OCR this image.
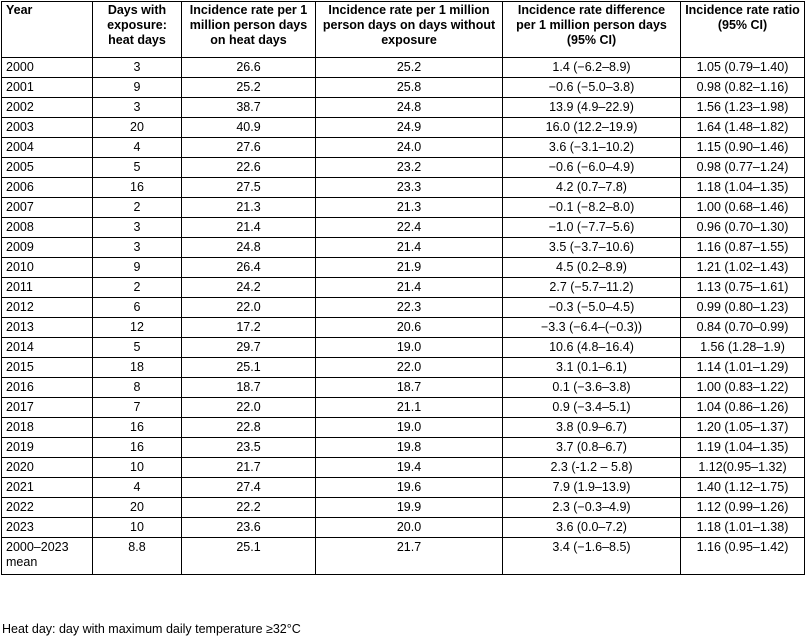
Year	Days with exposure: heat days	Incidence rate per 1 million person days on heat days	Incidence rate per 1 million person days on days without exposure	Incidence rate difference per 1 million person days (95% CI)	Incidence rate ratio (95% CI)
2000	3	26.6	25.2	1.4 (−6.2–8.9)	1.05 (0.79–1.40)
2001	9	25.2	25.8	−0.6 (−5.0–3.8)	0.98 (0.82–1.16)
2002	3	38.7	24.8	13.9 (4.9–22.9)	1.56 (1.23–1.98)
2003	20	40.9	24.9	16.0 (12.2–19.9)	1.64 (1.48–1.82)
2004	4	27.6	24.0	3.6 (−3.1–10.2)	1.15 (0.90–1.46)
2005	5	22.6	23.2	−0.6 (−6.0–4.9)	0.98 (0.77–1.24)
2006	16	27.5	23.3	4.2 (0.7–7.8)	1.18 (1.04–1.35)
2007	2	21.3	21.3	−0.1 (−8.2–8.0)	1.00 (0.68–1.46)
2008	3	21.4	22.4	−1.0 (−7.7–5.6)	0.96 (0.70–1.30)
2009	3	24.8	21.4	3.5 (−3.7–10.6)	1.16 (0.87–1.55)
2010	9	26.4	21.9	4.5 (0.2–8.9)	1.21 (1.02–1.43)
2011	2	24.2	21.4	2.7 (−5.7–11.2)	1.13 (0.75–1.61)
2012	6	22.0	22.3	−0.3 (−5.0–4.5)	0.99 (0.80–1.23)
2013	12	17.2	20.6	−3.3 (−6.4–(−0.3))	0.84 (0.70–0.99)
2014	5	29.7	19.0	10.6 (4.8–16.4)	1.56 (1.28–1.9)
2015	18	25.1	22.0	3.1 (0.1–6.1)	1.14 (1.01–1.29)
2016	8	18.7	18.7	0.1 (−3.6–3.8)	1.00 (0.83–1.22)
2017	7	22.0	21.1	0.9 (−3.4–5.1)	1.04 (0.86–1.26)
2018	16	22.8	19.0	3.8 (0.9–6.7)	1.20 (1.05–1.37)
2019	16	23.5	19.8	3.7 (0.8–6.7)	1.19 (1.04–1.35)
2020	10	21.7	19.4	2.3 (-1.2 – 5.8)	1.12(0.95–1.32)
2021	4	27.4	19.6	7.9 (1.9–13.9)	1.40 (1.12–1.75)
2022	20	22.2	19.9	2.3 (−0.3–4.9)	1.12 (0.99–1.26)
2023	10	23.6	20.0	3.6 (0.0–7.2)	1.18 (1.01–1.38)
2000–2023 mean	8.8	25.1	21.7	3.4 (−1.6–8.5)	1.16 (0.95–1.42)
Heat day: day with maximum daily temperature ≥32°C
